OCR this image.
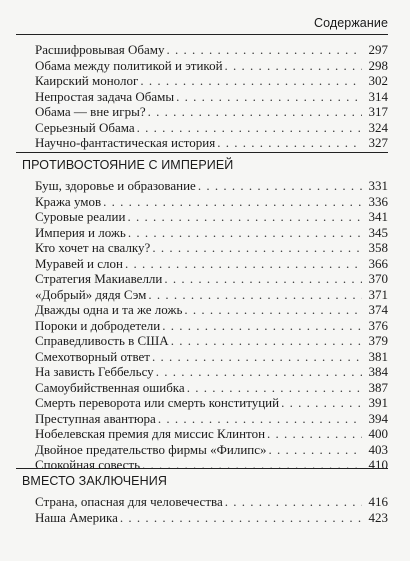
Содержание
Расшифровывая Обаму . . .	297
Обама между политикой и этикой . . .	298
Каирский монолог . . .	302
Непростая задача Обамы . . .	314
Обама — вне игры? . . .	317
Серьезный Обама . . .	324
Научно-фантастическая история . . .	327
ПРОТИВОСТОЯНИЕ С ИМПЕРИЕЙ
Буш, здоровье и образование . . .	331
Кража умов . . .	336
Суровые реалии . . .	341
Империя и ложь . . .	345
Кто хочет на свалку? . . .	358
Муравей и слон . . .	366
Стратегия Макиавелли . . .	370
«Добрый» дядя Сэм . . .	371
Дважды одна и та же ложь . . .	374
Пороки и добродетели . . .	376
Справедливость в США . . .	379
Смехотворный ответ . . .	381
На зависть Геббельсу . . .	384
Самоубийственная ошибка . . .	387
Смерть переворота или смерть конституций . . .	391
Преступная авантюра . . .	394
Нобелевская премия для миссис Клинтон . . .	400
Двойное предательство фирмы «Филипс» . . .	403
Спокойная совесть . . .	410
ВМЕСТО ЗАКЛЮЧЕНИЯ
Страна, опасная для человечества . . .	416
Наша Америка . . .	423
